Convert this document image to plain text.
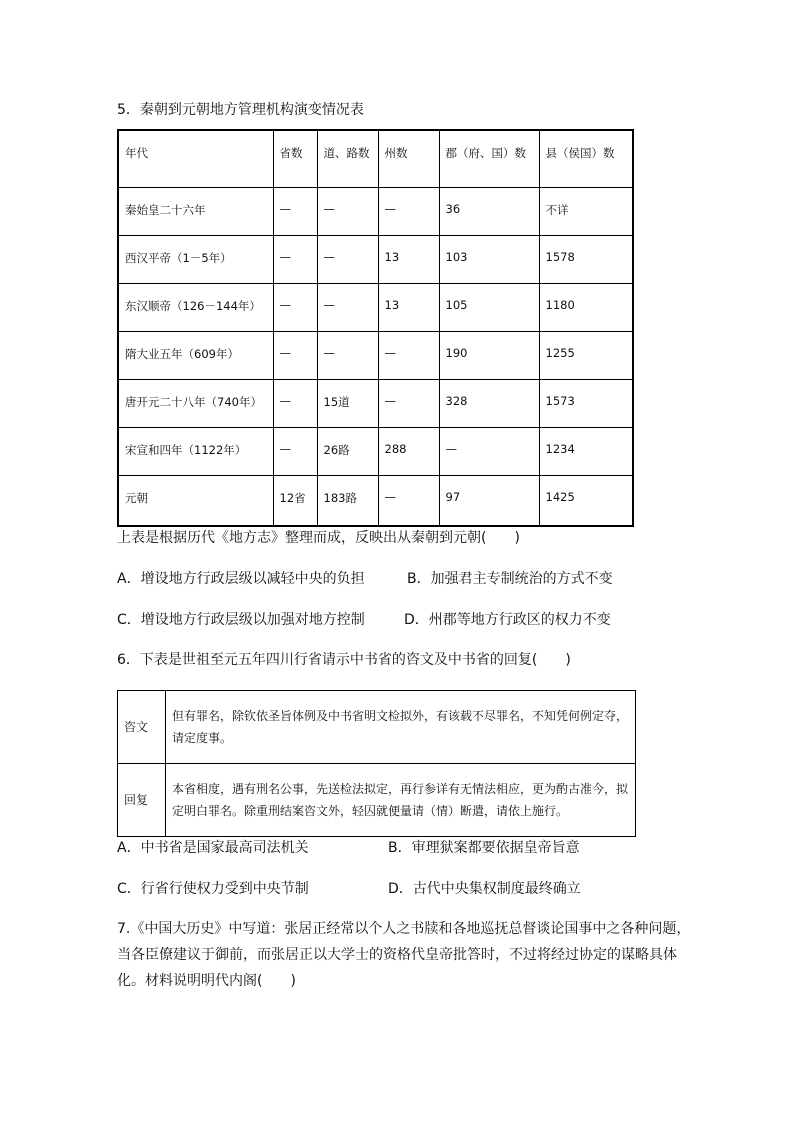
5．秦朝到元朝地方管理机构演变情况表
年代	省数	道、路数	州数	郡（府、国）数	县（侯国）数
秦始皇二十六年	—	—	—	36	不详
西汉平帝（1－5年）	—	—	13	103	1578
东汉顺帝（126－144年）	—	—	13	105	1180
隋大业五年（609年）	—	—	—	190	1255
唐开元二十八年（740年）	—	15道	—	328	1573
宋宣和四年（1122年）	—	26路	288	—	1234
元朝	12省	183路	—	97	1425
上表是根据历代《地方志》整理而成，反映出从秦朝到元朝(　　)
A．增设地方行政层级以减轻中央的负担	B．加强君主专制统治的方式不变
C．增设地方行政层级以加强对地方控制	D．州郡等地方行政区的权力不变
6．下表是世祖至元五年四川行省请示中书省的咨文及中书省的回复(　　)
咨文	但有罪名，除钦依圣旨体例及中书省明文检拟外，有该载不尽罪名，不知凭何例定夺，请定度事。
回复	本省相度，遇有刑名公事，先送检法拟定，再行参详有无情法相应，更为酌古准今，拟定明白罪名。除重刑结案咨文外，轻囚就便量请（情）断遣，请依上施行。
A．中书省是国家最高司法机关	B．审理狱案都要依据皇帝旨意
C．行省行使权力受到中央节制	D．古代中央集权制度最终确立
7.《中国大历史》中写道：张居正经常以个人之书牍和各地巡抚总督谈论国事中之各种问题，当各臣僚建议于御前，而张居正以大学士的资格代皇帝批答时，不过将经过协定的谋略具体化。材料说明明代内阁(　　)
